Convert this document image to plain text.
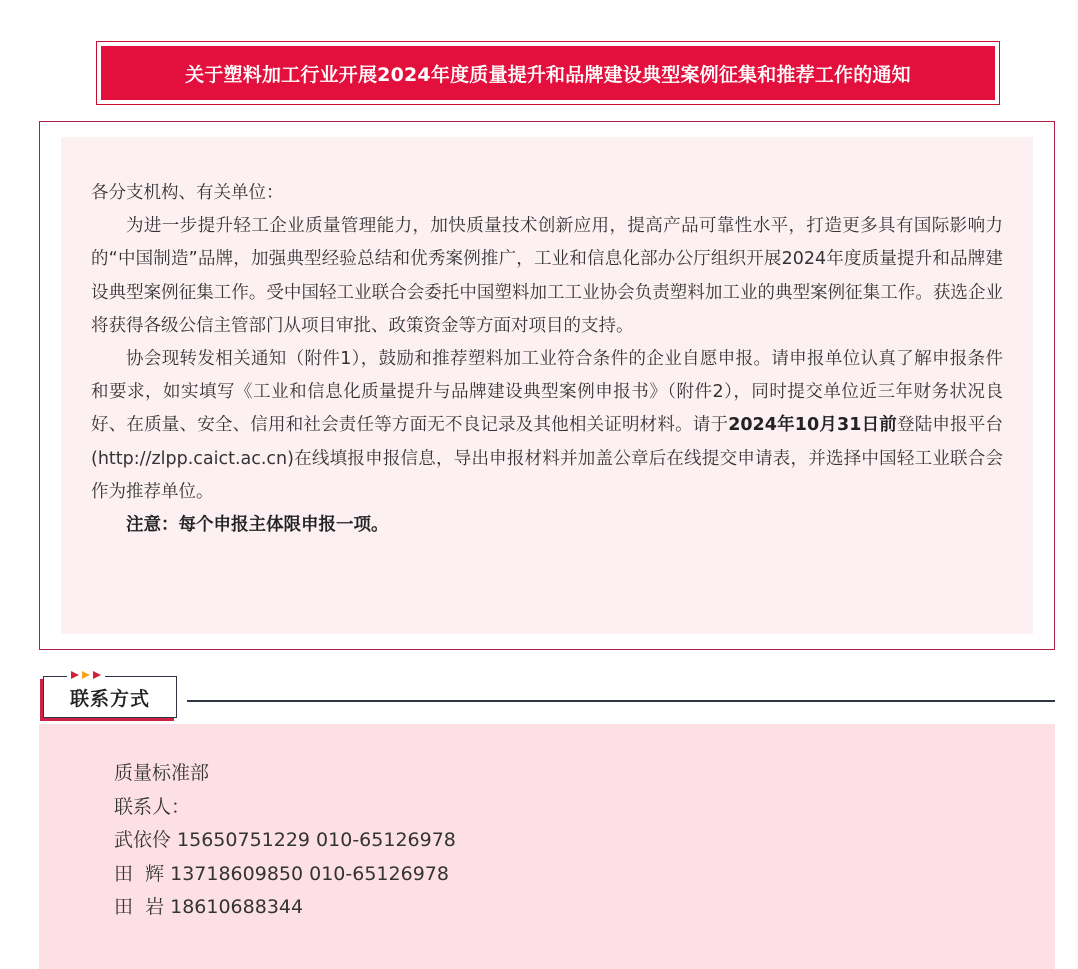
关于塑料加工行业开展2024年度质量提升和品牌建设典型案例征集和推荐工作的通知

各分支机构、有关单位：

为进一步提升轻工企业质量管理能力，加快质量技术创新应用，提高产品可靠性水平，打造更多具有国际影响力的“中国制造”品牌，加强典型经验总结和优秀案例推广，工业和信息化部办公厅组织开展2024年度质量提升和品牌建设典型案例征集工作。受中国轻工业联合会委托中国塑料加工工业协会负责塑料加工业的典型案例征集工作。获选企业将获得各级公信主管部门从项目审批、政策资金等方面对项目的支持。

协会现转发相关通知（附件1），鼓励和推荐塑料加工业符合条件的企业自愿申报。请申报单位认真了解申报条件和要求，如实填写《工业和信息化质量提升与品牌建设典型案例申报书》（附件2），同时提交单位近三年财务状况良好、在质量、安全、信用和社会责任等方面无不良记录及其他相关证明材料。请于2024年10月31日前登陆申报平台(http://zlpp.caict.ac.cn)在线填报申报信息，导出申报材料并加盖公章后在线提交申请表，并选择中国轻工业联合会作为推荐单位。

注意：每个申报主体限申报一项。

联系方式
质量标准部
联系人：
武依伶 15650751229 010-65126978
田  辉 13718609850 010-65126978
田  岩 18610688344
